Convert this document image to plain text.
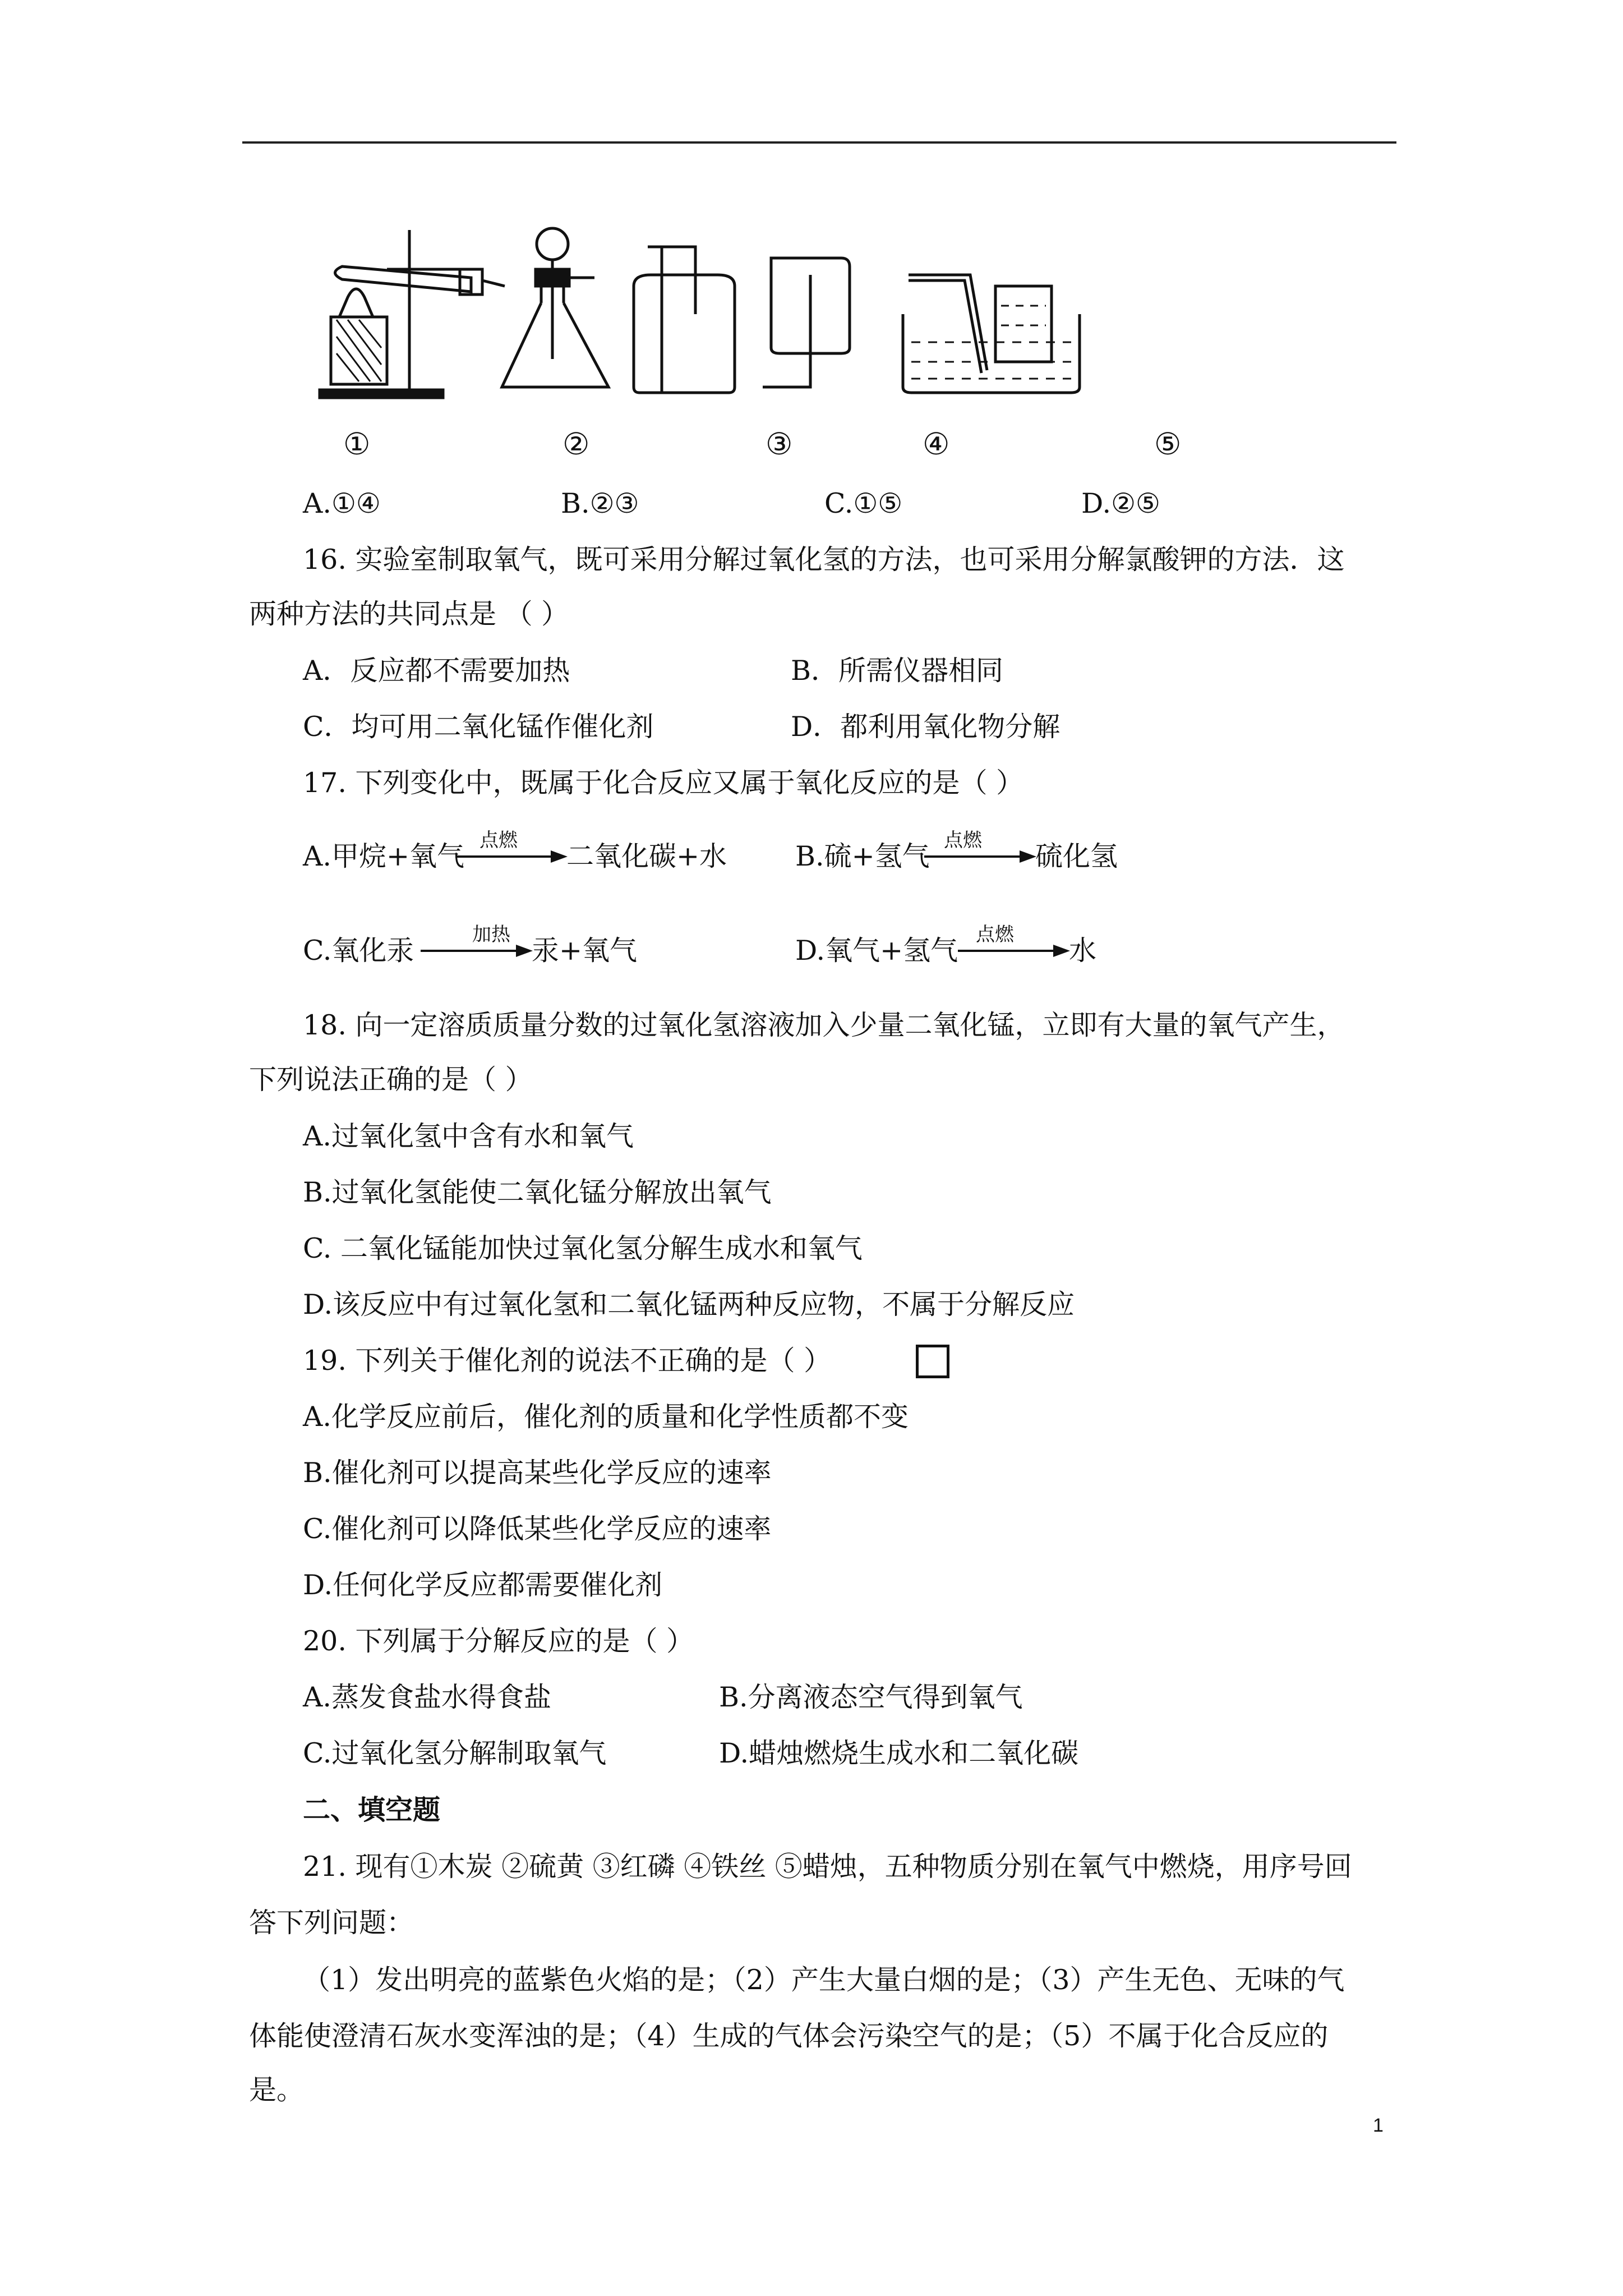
①	②	③	④	⑤
A.①④	B.②③	C.①⑤	D.②⑤
16. 实验室制取氧气，既可采用分解过氧化氢的方法，也可采用分解氯酸钾的方法．这
两种方法的共同点是 （ ）
A．反应都不需要加热	B．所需仪器相同
C．均可用二氧化锰作催化剂	D．都利用氧化物分解
17. 下列变化中，既属于化合反应又属于氧化反应的是（ ）
A.甲烷+氧气 点燃 二氧化碳+水 B.硫+氢气 点燃 硫化氢
C.氧化汞	加热 汞+氧气	D.氧气+氢气 点燃 水
18. 向一定溶质质量分数的过氧化氢溶液加入少量二氧化锰，立即有大量的氧气产生，
下列说法正确的是（ ）
A.过氧化氢中含有水和氧气
B.过氧化氢能使二氧化锰分解放出氧气
C. 二氧化锰能加快过氧化氢分解生成水和氧气
D.该反应中有过氧化氢和二氧化锰两种反应物，不属于分解反应
19. 下列关于催化剂的说法不正确的是（ ）
A.化学反应前后，催化剂的质量和化学性质都不变
B.催化剂可以提高某些化学反应的速率
C.催化剂可以降低某些化学反应的速率
D.任何化学反应都需要催化剂
20. 下列属于分解反应的是（ ）
A.蒸发食盐水得食盐	B.分离液态空气得到氧气
C.过氧化氢分解制取氧气	D.蜡烛燃烧生成水和二氧化碳
二、填空题
21. 现有①木炭 ②硫黄 ③红磷 ④铁丝 ⑤蜡烛，五种物质分别在氧气中燃烧，用序号回
答下列问题：
（1）发出明亮的蓝紫色火焰的是；（2）产生大量白烟的是；（3）产生无色、无味的气
体能使澄清石灰水变浑浊的是；（4）生成的气体会污染空气的是；（5）不属于化合反应的
是。
1
